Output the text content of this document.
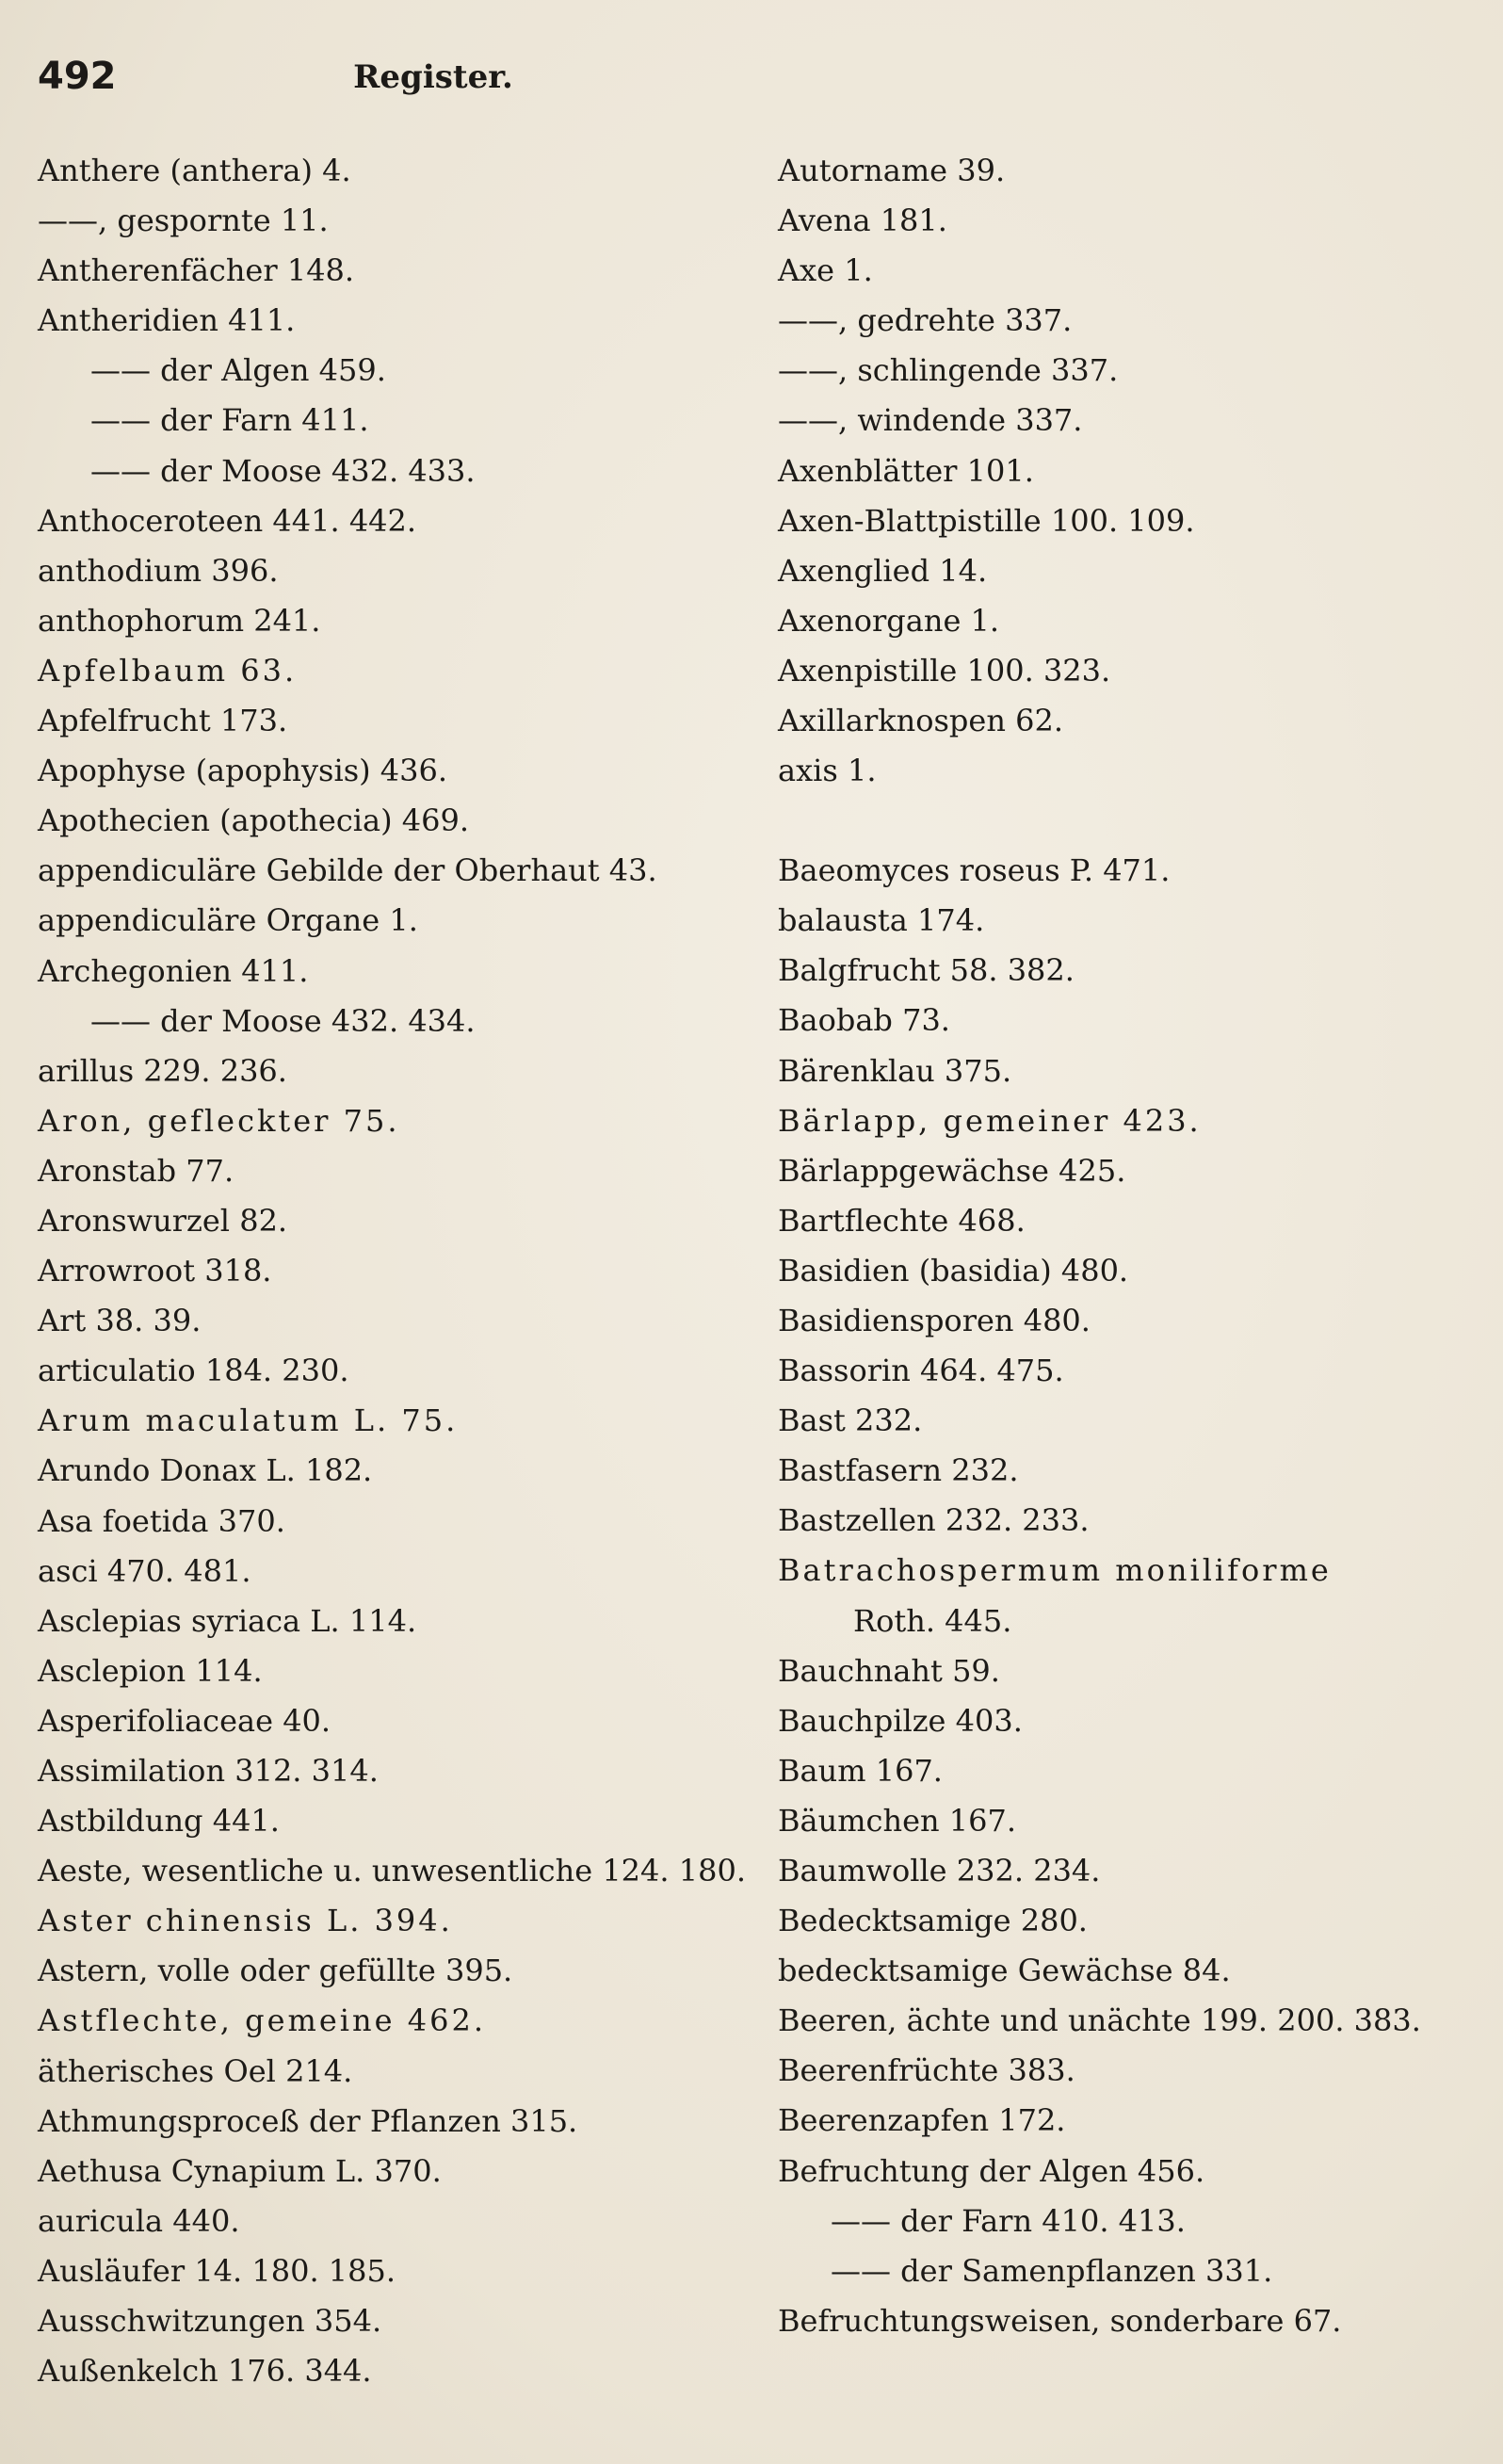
492	Register.
Anthere (anthera) 4.
——, gespornte 11.
Antherenfächer 148.
Antheridien 411.
—— der Algen 459.
—— der Farn 411.
—— der Moose 432. 433.
Anthoceroteen 441. 442.
anthodium 396.
anthophorum 241.
Apfelbaum 63.
Apfelfrucht 173.
Apophyse (apophysis) 436.
Apothecien (apothecia) 469.
appendiculäre Gebilde der Oberhaut 43.
appendiculäre Organe 1.
Archegonien 411.
—— der Moose 432. 434.
arillus 229. 236.
Aron, gefleckter 75.
Aronstab 77.
Aronswurzel 82.
Arrowroot 318.
Art 38. 39.
articulatio 184. 230.
Arum maculatum L. 75.
Arundo Donax L. 182.
Asa foetida 370.
asci 470. 481.
Asclepias syriaca L. 114.
Asclepion 114.
Asperifoliaceae 40.
Assimilation 312. 314.
Astbildung 441.
Aeste, wesentliche u. unwesentliche 124. 180.
Aster chinensis L. 394.
Astern, volle oder gefüllte 395.
Astflechte, gemeine 462.
ätherisches Oel 214.
Athmungsproceß der Pflanzen 315.
Aethusa Cynapium L. 370.
auricula 440.
Ausläufer 14. 180. 185.
Ausschwitzungen 354.
Außenkelch 176. 344.
Autorname 39.
Avena 181.
Axe 1.
——, gedrehte 337.
——, schlingende 337.
——, windende 337.
Axenblätter 101.
Axen-Blattpistille 100. 109.
Axenglied 14.
Axenorgane 1.
Axenpistille 100. 323.
Axillarknospen 62.
axis 1.
Baeomyces roseus P. 471.
balausta 174.
Balgfrucht 58. 382.
Baobab 73.
Bärenklau 375.
Bärlapp, gemeiner 423.
Bärlappgewächse 425.
Bartflechte 468.
Basidien (basidia) 480.
Basidiensporen 480.
Bassorin 464. 475.
Bast 232.
Bastfasern 232.
Bastzellen 232. 233.
Batrachospermum moniliforme
Roth. 445.
Bauchnaht 59.
Bauchpilze 403.
Baum 167.
Bäumchen 167.
Baumwolle 232. 234.
Bedecktsamige 280.
bedecktsamige Gewächse 84.
Beeren, ächte und unächte 199. 200. 383.
Beerenfrüchte 383.
Beerenzapfen 172.
Befruchtung der Algen 456.
—— der Farn 410. 413.
—— der Samenpflanzen 331.
Befruchtungsweisen, sonderbare 67.
